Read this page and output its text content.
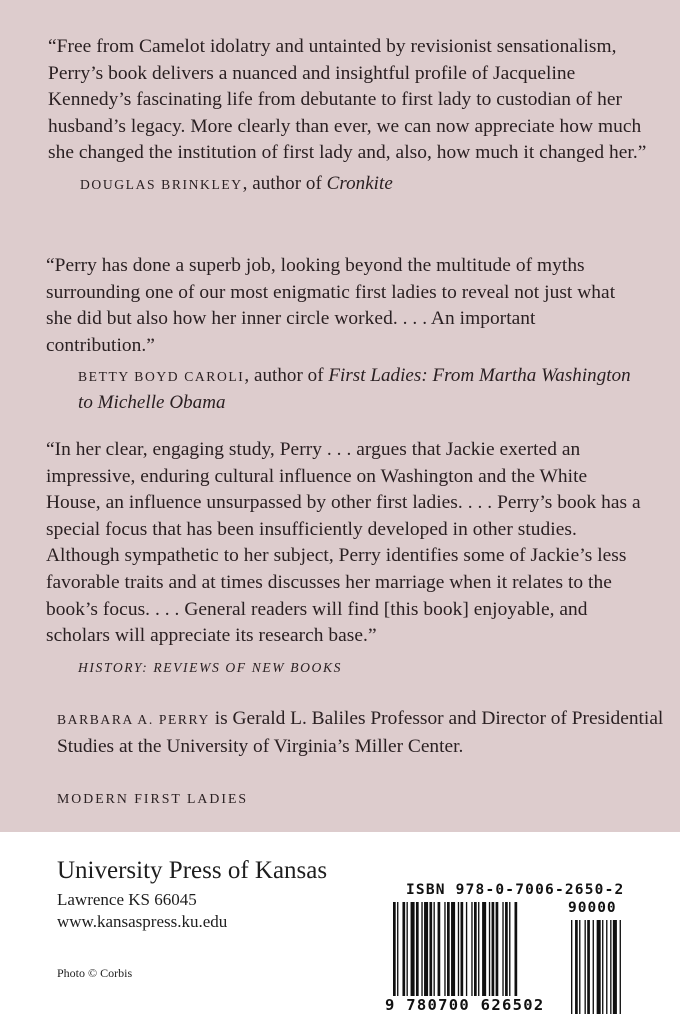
“Free from Camelot idolatry and untainted by revisionist sensationalism, Perry’s book delivers a nuanced and insightful profile of Jacqueline Kennedy’s fascinating life from debutante to first lady to custodian of her husband’s legacy. More clearly than ever, we can now appreciate how much she changed the institution of first lady and, also, how much it changed her.”

DOUGLAS BRINKLEY, author of Cronkite

“Perry has done a superb job, looking beyond the multitude of myths surrounding one of our most enigmatic first ladies to reveal not just what she did but also how her inner circle worked. . . . An important contribution.”

BETTY BOYD CAROLI, author of First Ladies: From Martha Washington to Michelle Obama

“In her clear, engaging study, Perry . . . argues that Jackie exerted an impressive, enduring cultural influence on Washington and the White House, an influence unsurpassed by other first ladies. . . . Perry’s book has a special focus that has been insufficiently developed in other studies. Although sympathetic to her subject, Perry identifies some of Jackie’s less favorable traits and at times discusses her marriage when it relates to the book’s focus. . . . General readers will find [this book] enjoyable, and scholars will appreciate its research base.”

HISTORY: REVIEWS OF NEW BOOKS

BARBARA A. PERRY is Gerald L. Baliles Professor and Director of Presidential Studies at the University of Virginia’s Miller Center.

MODERN FIRST LADIES
University Press of Kansas
Lawrence KS 66045
www.kansaspress.ku.edu
Photo © Corbis
ISBN 978-0-7006-2650-2
90000
9 780700 626502
